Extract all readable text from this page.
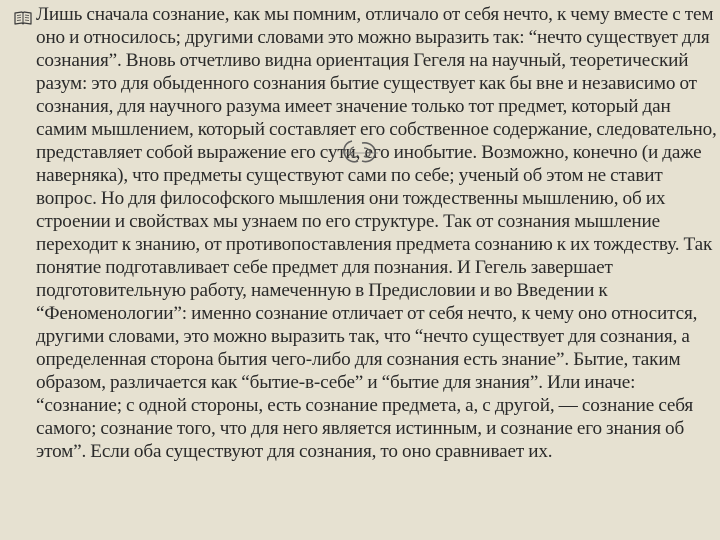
Лишь сначала сознание, как мы помним, отличало от себя нечто, к чему вместе с тем оно и относилось; другими словами это можно выразить так: “нечто существует для сознания”. Вновь отчетливо видна ориентация Гегеля на научный, теоретический разум: это для обыденного сознания бытие существует как бы вне и независимо от сознания, для научного разума имеет значение только тот предмет, который дан самим мышлением, который составляет его собственное содержание, следовательно, представляет собой выражение его сути, его инобытие. Возможно, конечно (и даже наверняка), что предметы существуют сами по себе; ученый об этом не ставит вопрос. Но для философского мышления они тождественны мышлению, об их строении и свойствах мы узнаем по его структуре. Так от сознания мышление переходит к знанию, от противопоставления предмета сознанию к их тождеству. Так понятие подготавливает себе предмет для познания. И Гегель завершает подготовительную работу, намеченную в Предисловии и во Введении к “Феноменологии”: именно сознание отличает от себя нечто, к чему оно относится, другими словами, это можно выразить так, что “нечто существует для сознания, а определенная сторона бытия чего-либо для сознания есть знание”. Бытие, таким образом, различается как “бытие-в-себе” и “бытие для знания”. Или иначе: “сознание; с одной стороны, есть сознание предмета, а, с другой, — сознание себя самого; сознание того, что для него является истинным, и сознание его знания об этом”. Если оба существуют для сознания, то оно сравнивает их.
